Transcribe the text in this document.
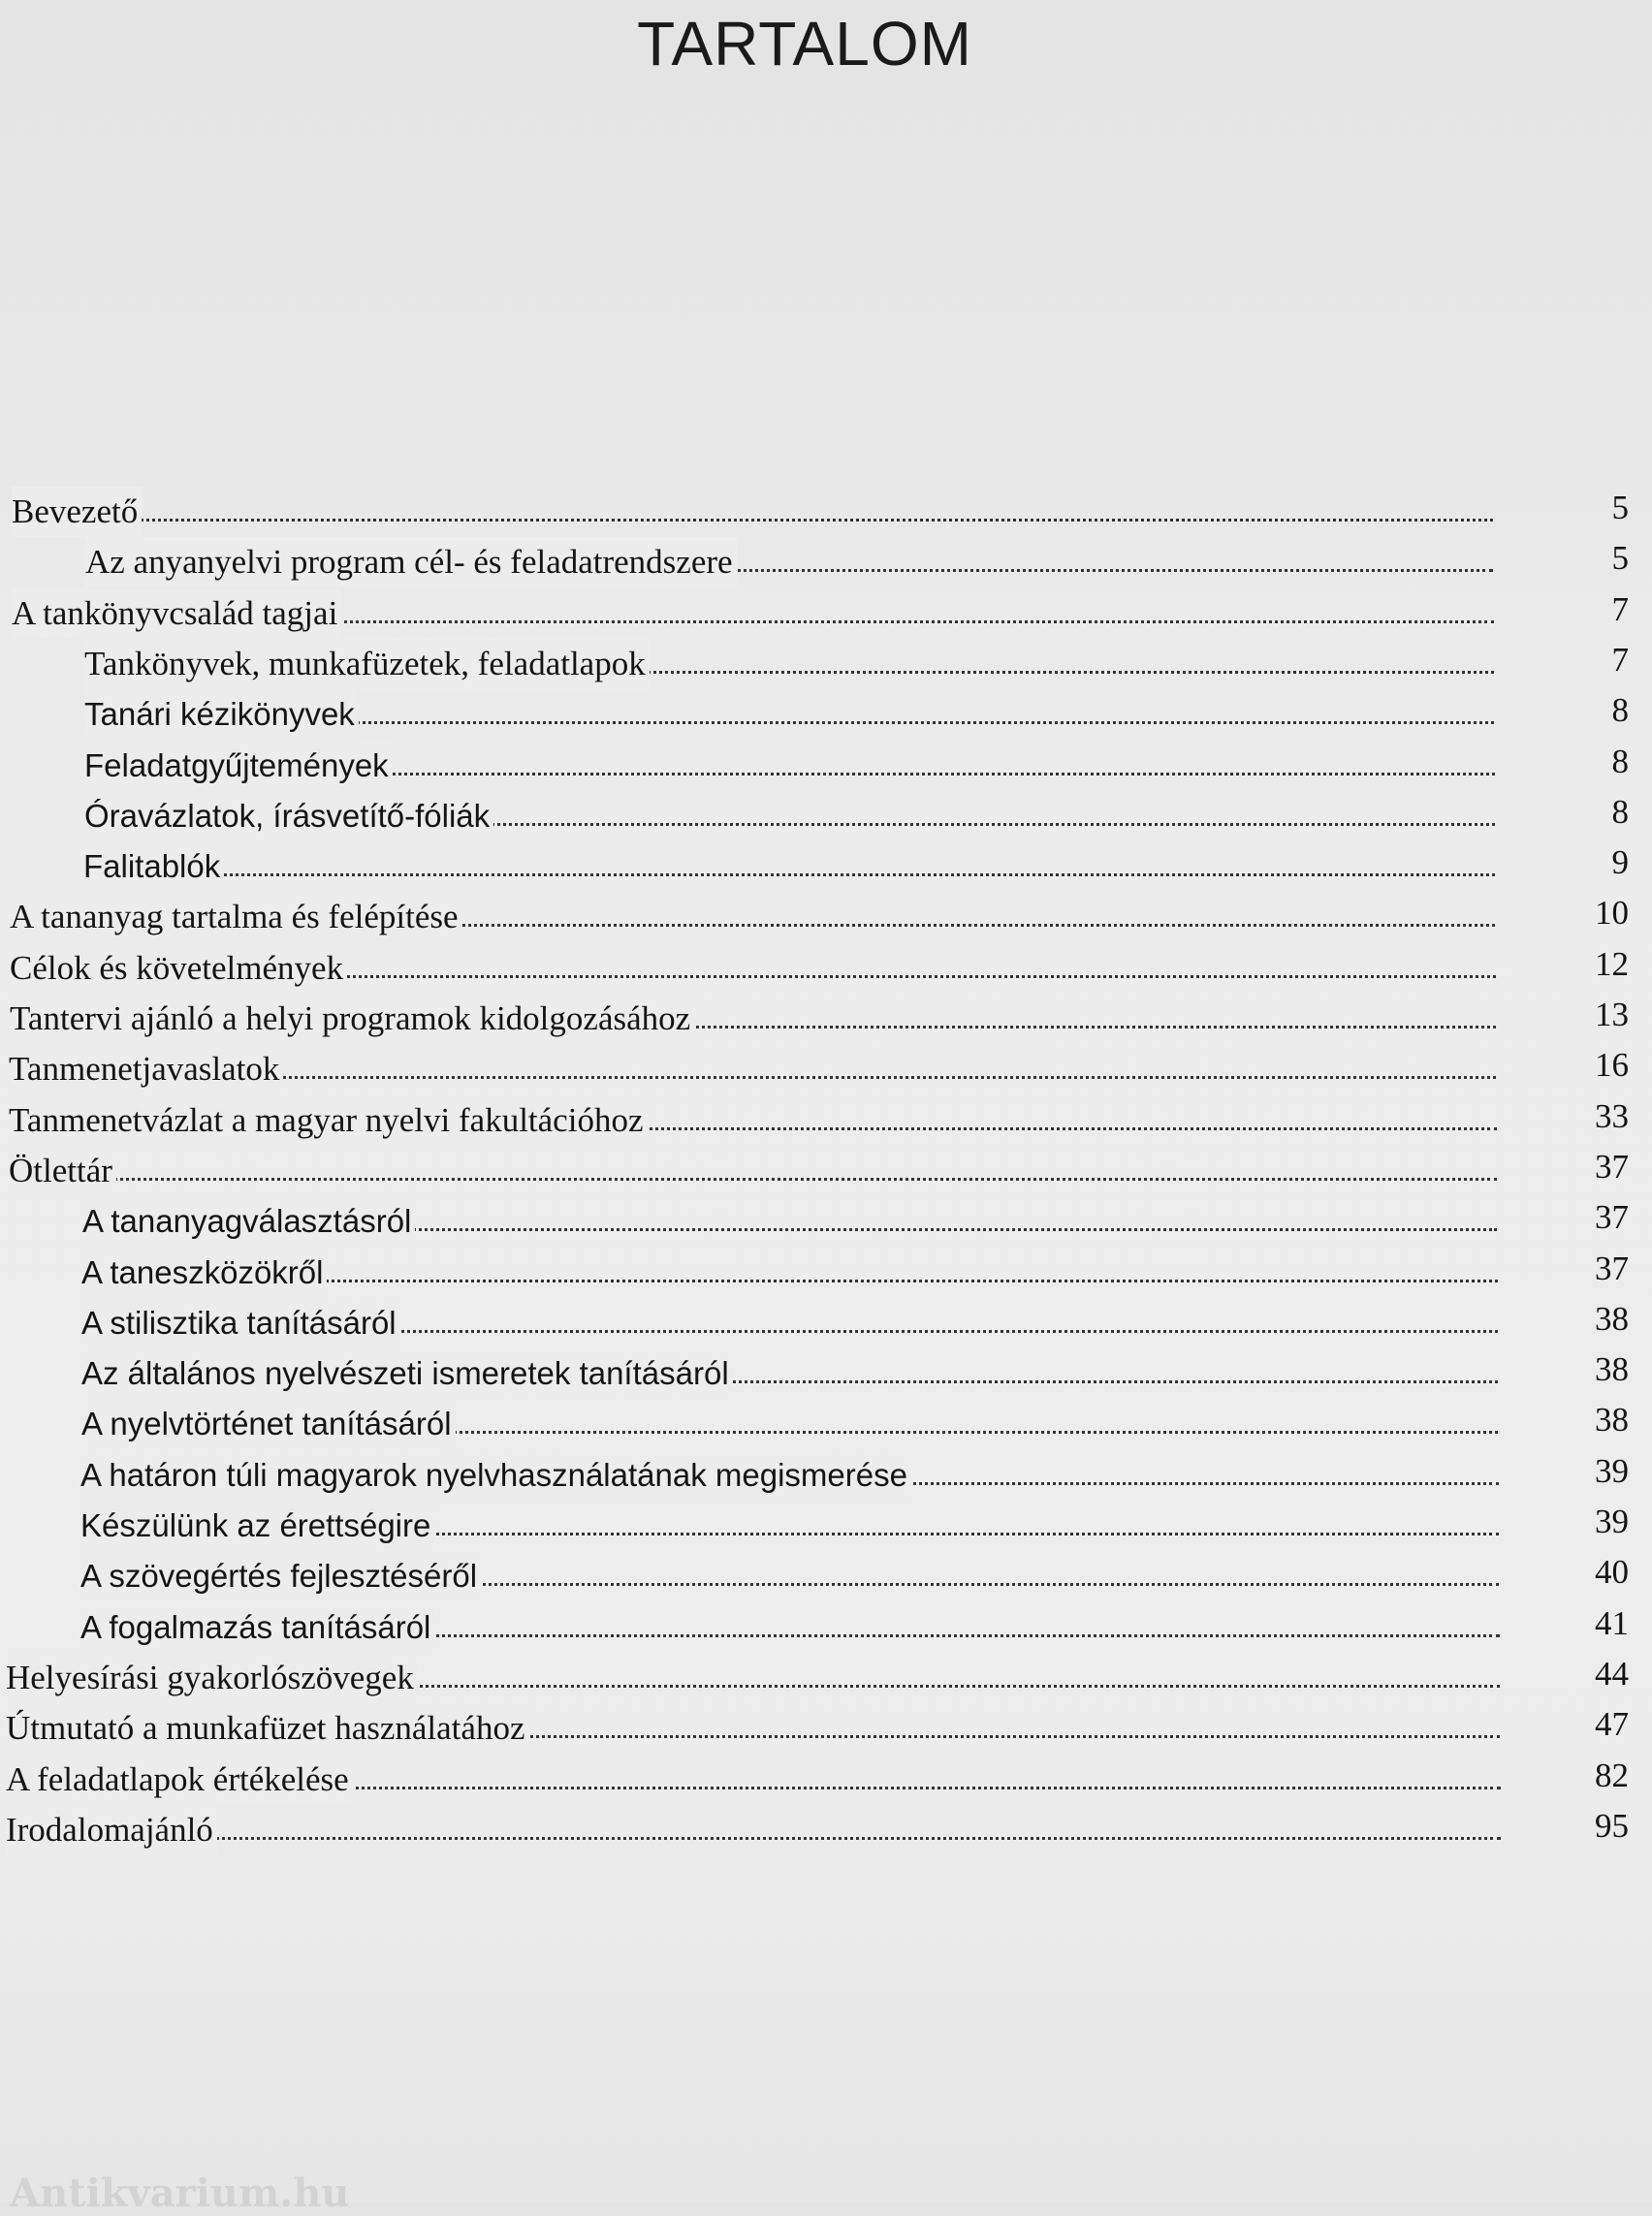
TARTALOM
Bevezető	5
Az anyanyelvi program cél- és feladatrendszere	5
A tankönyvcsalád tagjai	7
Tankönyvek, munkafüzetek, feladatlapok	7
Tanári kézikönyvek	8
Feladatgyűjtemények	8
Óravázlatok, írásvetítő-fóliák	8
Falitablók	9
A tananyag tartalma és felépítése	10
Célok és követelmények	12
Tantervi ajánló a helyi programok kidolgozásához	13
Tanmenetjavaslatok	16
Tanmenetvázlat a magyar nyelvi fakultációhoz	33
Ötlettár	37
A tananyagválasztásról	37
A taneszközökről	37
A stilisztika tanításáról	38
Az általános nyelvészeti ismeretek tanításáról	38
A nyelvtörténet tanításáról	38
A határon túli magyarok nyelvhasználatának megismerése	39
Készülünk az érettségire	39
A szövegértés fejlesztéséről	40
A fogalmazás tanításáról	41
Helyesírási gyakorlószövegek	44
Útmutató a munkafüzet használatához	47
A feladatlapok értékelése	82
Irodalomajánló	95
Antikvarium.hu
